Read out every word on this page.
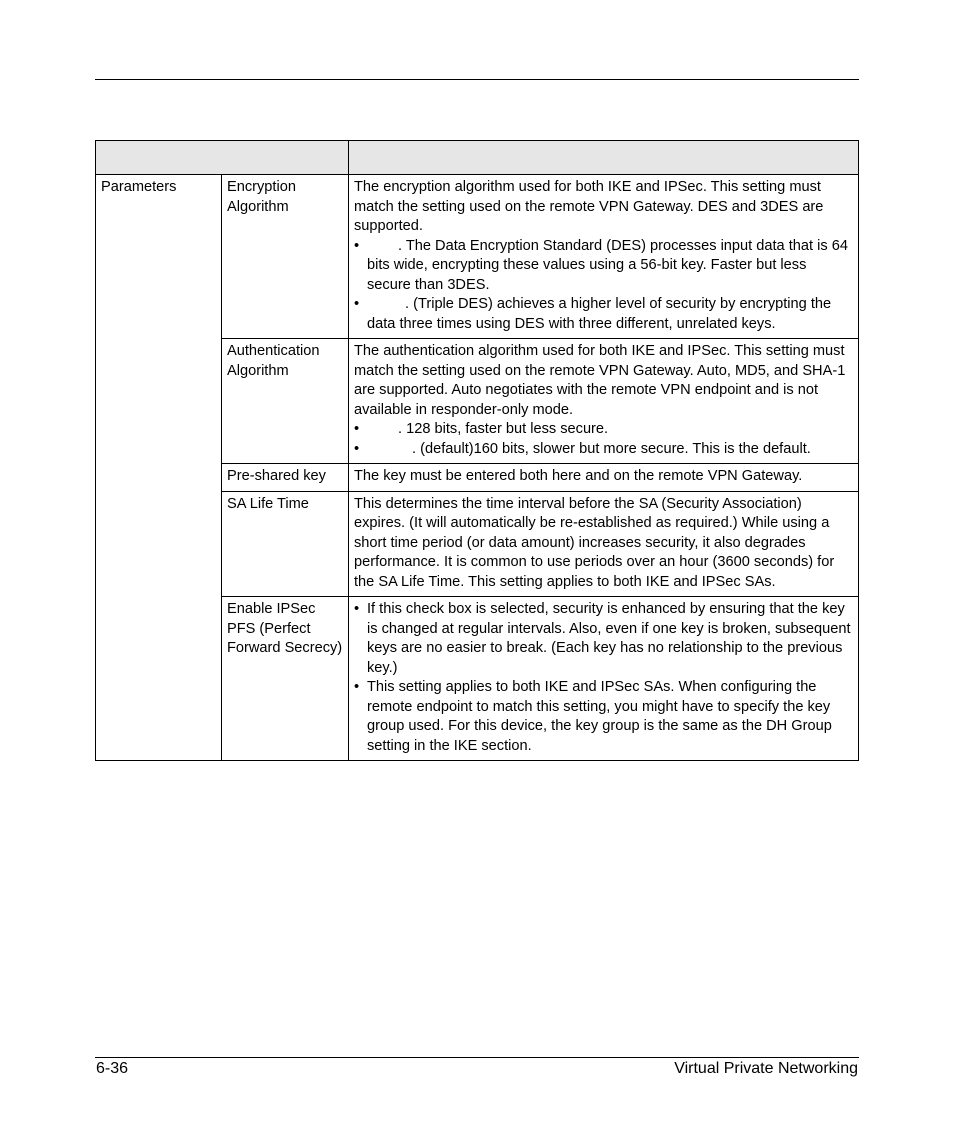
Parameters	Encryption Algorithm	The encryption algorithm used for both IKE and IPSec. This setting must match the setting used on the remote VPN Gateway. DES and 3DES are supported.
• . The Data Encryption Standard (DES) processes input data that is 64 bits wide, encrypting these values using a 56-bit key. Faster but less secure than 3DES.
• . (Triple DES) achieves a higher level of security by encrypting the data three times using DES with three different, unrelated keys.

	Authentication Algorithm	The authentication algorithm used for both IKE and IPSec. This setting must match the setting used on the remote VPN Gateway. Auto, MD5, and SHA-1 are supported. Auto negotiates with the remote VPN endpoint and is not available in responder-only mode.
• . 128 bits, faster but less secure.
• . (default)160 bits, slower but more secure. This is the default.

	Pre-shared key	The key must be entered both here and on the remote VPN Gateway.
	SA Life Time	This determines the time interval before the SA (Security Association) expires. (It will automatically be re-established as required.) While using a short time period (or data amount) increases security, it also degrades performance. It is common to use periods over an hour (3600 seconds) for the SA Life Time. This setting applies to both IKE and IPSec SAs.
	Enable IPSec PFS (Perfect Forward Secrecy)	• If this check box is selected, security is enhanced by ensuring that the key is changed at regular intervals. Also, even if one key is broken, subsequent keys are no easier to break. (Each key has no relationship to the previous key.)
• This setting applies to both IKE and IPSec SAs. When configuring the remote endpoint to match this setting, you might have to specify the key group used. For this device, the key group is the same as the DH Group setting in the IKE section.
6-36	Virtual Private Networking
